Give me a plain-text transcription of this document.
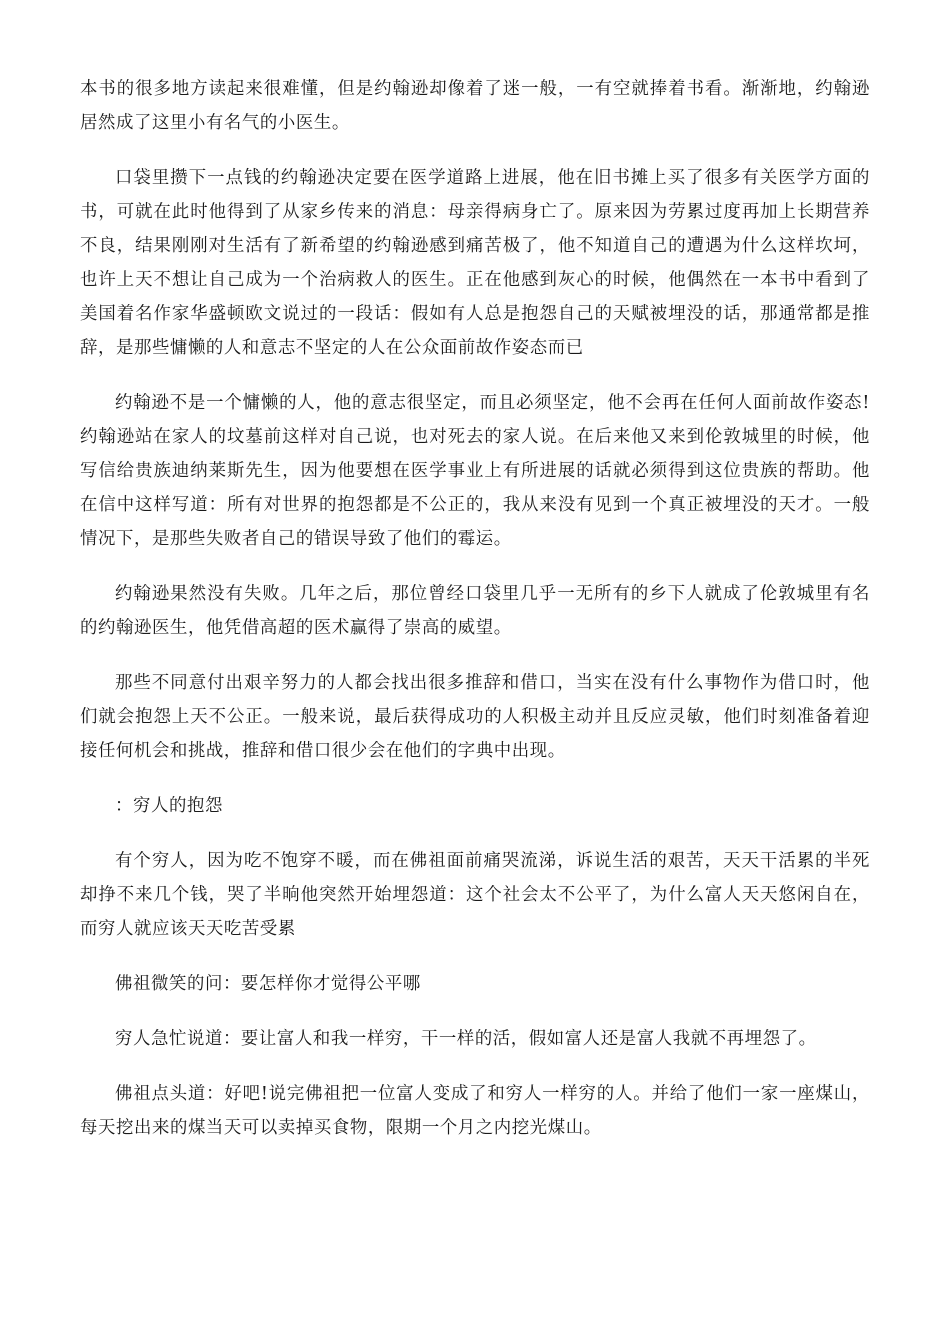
本书的很多地方读起来很难懂，但是约翰逊却像着了迷一般，一有空就捧着书看。渐渐地，约翰逊居然成了这里小有名气的小医生。

口袋里攒下一点钱的约翰逊决定要在医学道路上进展，他在旧书摊上买了很多有关医学方面的书，可就在此时他得到了从家乡传来的消息：母亲得病身亡了。原来因为劳累过度再加上长期营养不良，结果刚刚对生活有了新希望的约翰逊感到痛苦极了，他不知道自己的遭遇为什么这样坎坷，也许上天不想让自己成为一个治病救人的医生。正在他感到灰心的时候，他偶然在一本书中看到了美国着名作家华盛顿欧文说过的一段话：假如有人总是抱怨自己的天赋被埋没的话，那通常都是推辞，是那些慵懒的人和意志不坚定的人在公众面前故作姿态而已

约翰逊不是一个慵懒的人，他的意志很坚定，而且必须坚定，他不会再在任何人面前故作姿态!约翰逊站在家人的坟墓前这样对自己说，也对死去的家人说。在后来他又来到伦敦城里的时候，他写信给贵族迪纳莱斯先生，因为他要想在医学事业上有所进展的话就必须得到这位贵族的帮助。他在信中这样写道：所有对世界的抱怨都是不公正的，我从来没有见到一个真正被埋没的天才。一般情况下，是那些失败者自己的错误导致了他们的霉运。

约翰逊果然没有失败。几年之后，那位曾经口袋里几乎一无所有的乡下人就成了伦敦城里有名的约翰逊医生，他凭借高超的医术赢得了崇高的威望。

那些不同意付出艰辛努力的人都会找出很多推辞和借口，当实在没有什么事物作为借口时，他们就会抱怨上天不公正。一般来说，最后获得成功的人积极主动并且反应灵敏，他们时刻准备着迎接任何机会和挑战，推辞和借口很少会在他们的字典中出现。

：穷人的抱怨

有个穷人，因为吃不饱穿不暖，而在佛祖面前痛哭流涕，诉说生活的艰苦，天天干活累的半死却挣不来几个钱，哭了半晌他突然开始埋怨道：这个社会太不公平了，为什么富人天天悠闲自在，而穷人就应该天天吃苦受累

佛祖微笑的问：要怎样你才觉得公平哪

穷人急忙说道：要让富人和我一样穷，干一样的活，假如富人还是富人我就不再埋怨了。

佛祖点头道：好吧!说完佛祖把一位富人变成了和穷人一样穷的人。并给了他们一家一座煤山，每天挖出来的煤当天可以卖掉买食物，限期一个月之内挖光煤山。
